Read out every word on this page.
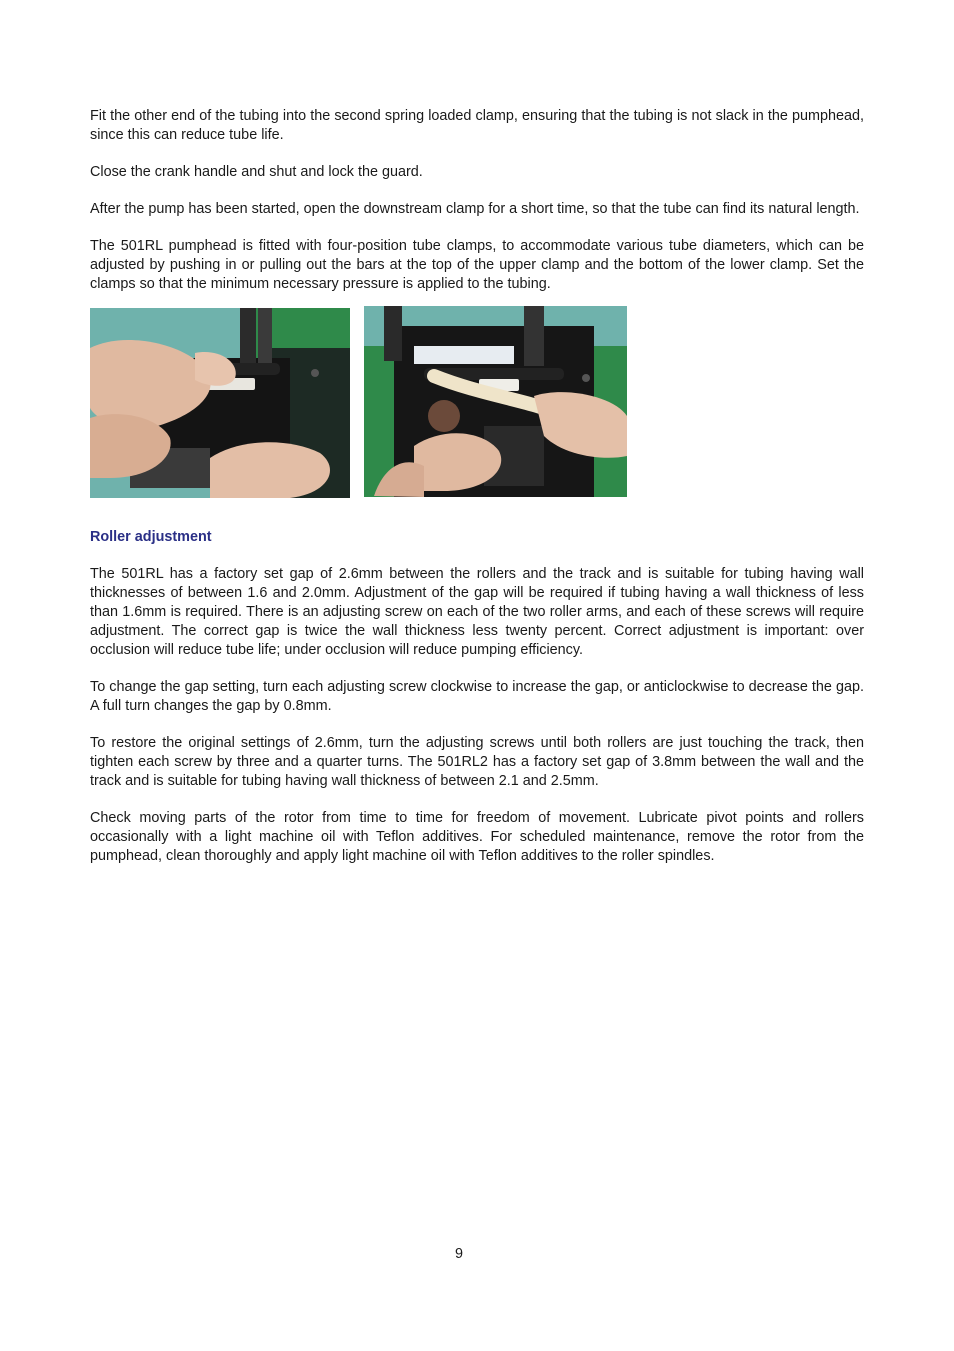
Fit the other end of the tubing into the second spring loaded clamp, ensuring that the tubing is not slack in the pumphead, since this can reduce tube life.

Close the crank handle and shut and lock the guard.

After the pump has been started, open the downstream clamp for a short time, so that the tube can find its natural length.

The 501RL pumphead is fitted with four-position tube clamps, to accommodate various tube diameters, which can be adjusted by pushing in or pulling out the bars at the top of the upper clamp and the bottom of the lower clamp. Set the clamps so that the minimum necessary pressure is applied to the tubing.

Roller adjustment

The 501RL has a factory set gap of 2.6mm between the rollers and the track and is suitable for tubing having wall thicknesses of between 1.6 and 2.0mm. Adjustment of the gap will be required if tubing having a wall thickness of less than 1.6mm is required. There is an adjusting screw on each of the two roller arms, and each of these screws will require adjustment. The correct gap is twice the wall thickness less twenty percent. Correct adjustment is important: over occlusion will reduce tube life; under occlusion will reduce pumping efficiency.

To change the gap setting, turn each adjusting screw clockwise to increase the gap, or anticlockwise to decrease the gap. A full turn changes the gap by 0.8mm.

To restore the original settings of 2.6mm, turn the adjusting screws until both rollers are just touching the track, then tighten each screw by three and a quarter turns. The 501RL2 has a factory set gap of 3.8mm between the wall and the track and is suitable for tubing having wall thickness of between 2.1 and 2.5mm.

Check moving parts of the rotor from time to time for freedom of movement. Lubricate pivot points and rollers occasionally with a light machine oil with Teflon additives. For scheduled maintenance, remove the rotor from the pumphead, clean thoroughly and apply light machine oil with Teflon additives to the roller spindles.

9
